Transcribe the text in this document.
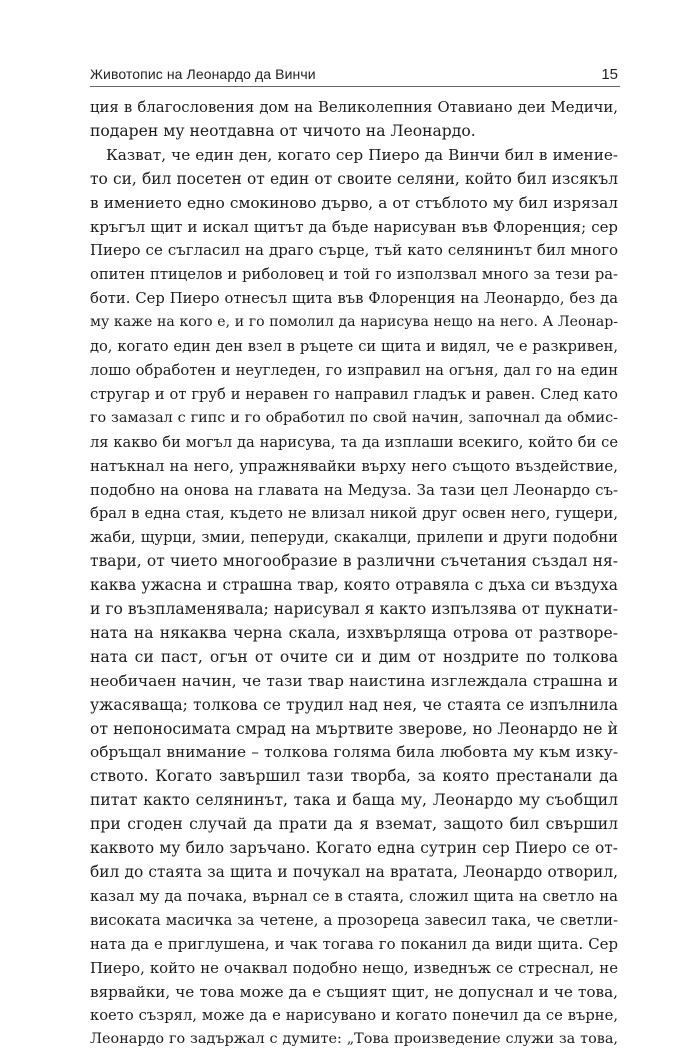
Животопис на Леонардо да Винчи	15
ция в благословения дом на Великолепния Отавиано деи Медичи,
подарен му неотдавна от чичото на Леонардо.
Казват, че един ден, когато сер Пиеро да Винчи бил в имение-
то си, бил посетен от един от своите селяни, който бил изсякъл
в имението едно смокиново дърво, а от стъблото му бил изрязал
кръгъл щит и искал щитът да бъде нарисуван във Флоренция; сер
Пиеро се съгласил на драго сърце, тъй като селянинът бил много
опитен птицелов и риболовец и той го използвал много за тези ра-
боти. Сер Пиеро отнесъл щита във Флоренция на Леонардо, без да
му каже на кого е, и го помолил да нарисува нещо на него. А Леонар-
до, когато един ден взел в ръцете си щита и видял, че е разкривен,
лошо обработен и неугледен, го изправил на огъня, дал го на един
стругар и от груб и неравен го направил гладък и равен. След като
го замазал с гипс и го обработил по свой начин, започнал да обмис-
ля какво би могъл да нарисува, та да изплаши всекиго, който би се
натъкнал на него, упражнявайки върху него същото въздействие,
подобно на онова на главата на Медуза. За тази цел Леонардо съ-
брал в една стая, където не влизал никой друг освен него, гущери,
жаби, щурци, змии, пеперуди, скакалци, прилепи и други подобни
твари, от чието многообразие в различни съчетания създал ня-
каква ужасна и страшна твар, която отравяла с дъха си въздуха
и го възпламенявала; нарисувал я както изпълзява от пукнати-
ната на някаква черна скала, изхвърляща отрова от разтворе-
ната си паст, огън от очите си и дим от ноздрите по толкова
необичаен начин, че тази твар наистина изглеждала страшна и
ужасяваща; толкова се трудил над нея, че стаята се изпълнила
от непоносимата смрад на мъртвите зверове, но Леонардо не ѝ
обръщал внимание – толкова голяма била любовта му към изку-
ството. Когато завършил тази творба, за която престанали да
питат както селянинът, така и баща му, Леонардо му съобщил
при сгоден случай да прати да я вземат, защото бил свършил
каквото му било заръчано. Когато една сутрин сер Пиеро се от-
бил до стаята за щита и почукал на вратата, Леонардо отворил,
казал му да почака, върнал се в стаята, сложил щита на светло на
високата масичка за четене, а прозореца завесил така, че светли-
ната да е приглушена, и чак тогава го поканил да види щита. Сер
Пиеро, който не очаквал подобно нещо, изведнъж се стреснал, не
вярвайки, че това може да е същият щит, не допуснал и че това,
което съзрял, може да е нарисувано и когато понечил да се върне,
Леонардо го задържал с думите: „Това произведение служи за това,
